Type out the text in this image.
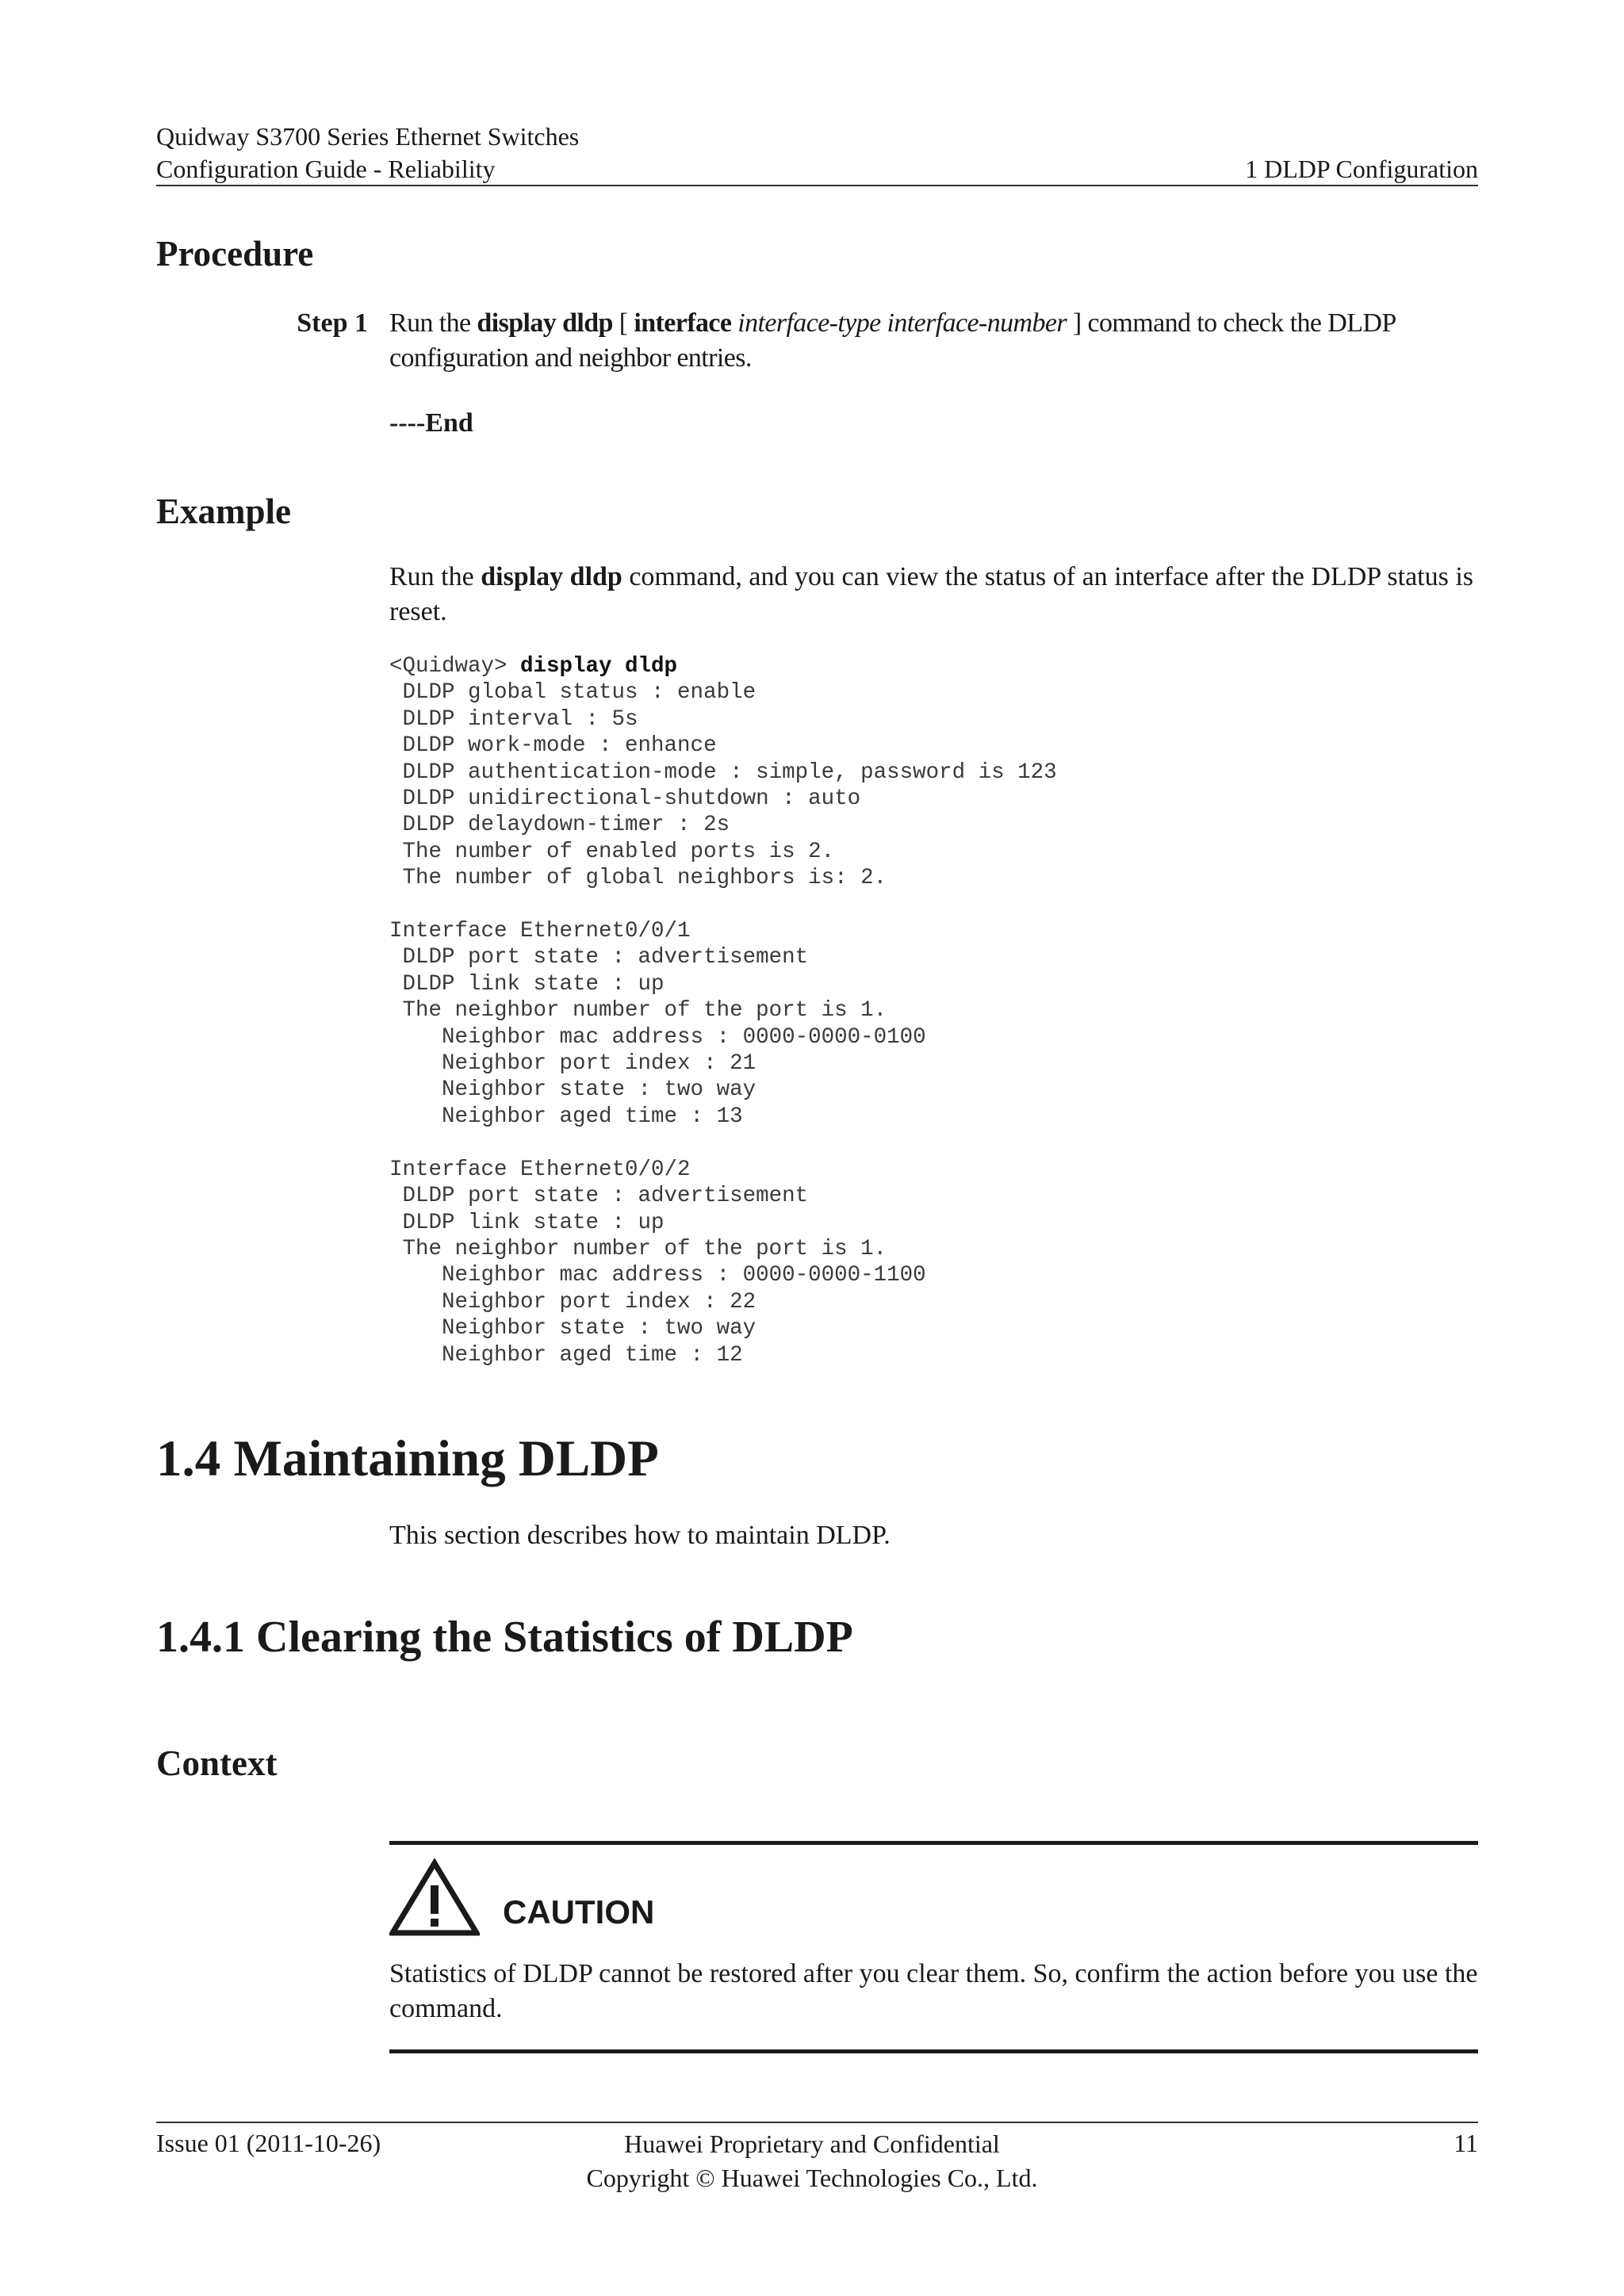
Quidway S3700 Series Ethernet Switches
Configuration Guide - Reliability	1 DLDP Configuration
Procedure
Step 1 Run the display dldp [ interface interface-type interface-number ] command to check the DLDP configuration and neighbor entries.
----End
Example
Run the display dldp command, and you can view the status of an interface after the DLDP status is reset.
<Quidway> display dldp
DLDP global status : enable
DLDP interval : 5s
DLDP work-mode : enhance
DLDP authentication-mode : simple, password is 123
DLDP unidirectional-shutdown : auto
DLDP delaydown-timer : 2s
The number of enabled ports is 2.
The number of global neighbors is: 2.
Interface Ethernet0/0/1
DLDP port state : advertisement
DLDP link state : up
The neighbor number of the port is 1.
Neighbor mac address : 0000-0000-0100
Neighbor port index : 21
Neighbor state : two way
Neighbor aged time : 13
Interface Ethernet0/0/2
DLDP port state : advertisement
DLDP link state : up
The neighbor number of the port is 1.
Neighbor mac address : 0000-0000-1100
Neighbor port index : 22
Neighbor state : two way
Neighbor aged time : 12
1.4 Maintaining DLDP
This section describes how to maintain DLDP.
1.4.1 Clearing the Statistics of DLDP
Context
CAUTION
Statistics of DLDP cannot be restored after you clear them. So, confirm the action before you use the command.
Issue 01 (2011-10-26)	Huawei Proprietary and Confidential
Copyright © Huawei Technologies Co., Ltd.
11
